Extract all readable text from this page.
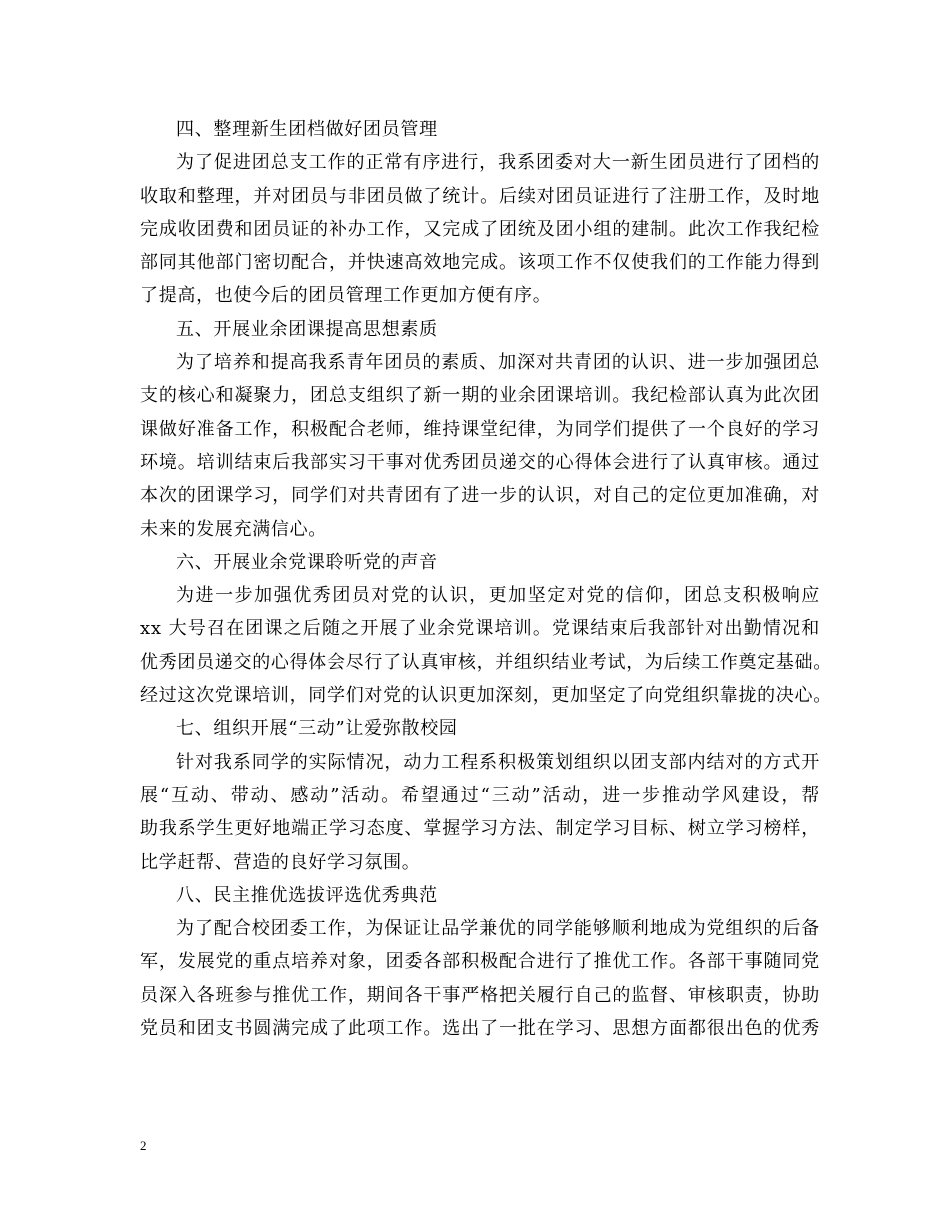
四、整理新生团档做好团员管理

为了促进团总支工作的正常有序进行，我系团委对大一新生团员进行了团档的
收取和整理，并对团员与非团员做了统计。后续对团员证进行了注册工作，及时地
完成收团费和团员证的补办工作，又完成了团统及团小组的建制。此次工作我纪检
部同其他部门密切配合，并快速高效地完成。该项工作不仅使我们的工作能力得到
了提高，也使今后的团员管理工作更加方便有序。

五、开展业余团课提高思想素质

为了培养和提高我系青年团员的素质、加深对共青团的认识、进一步加强团总
支的核心和凝聚力，团总支组织了新一期的业余团课培训。我纪检部认真为此次团
课做好准备工作，积极配合老师，维持课堂纪律，为同学们提供了一个良好的学习
环境。培训结束后我部实习干事对优秀团员递交的心得体会进行了认真审核。通过
本次的团课学习，同学们对共青团有了进一步的认识，对自己的定位更加准确，对
未来的发展充满信心。

六、开展业余党课聆听党的声音

为进一步加强优秀团员对党的认识，更加坚定对党的信仰，团总支积极响应
xx 大号召在团课之后随之开展了业余党课培训。党课结束后我部针对出勤情况和
优秀团员递交的心得体会尽行了认真审核，并组织结业考试，为后续工作奠定基础。
经过这次党课培训，同学们对党的认识更加深刻，更加坚定了向党组织靠拢的决心。

七、组织开展“三动”让爱弥散校园

针对我系同学的实际情况，动力工程系积极策划组织以团支部内结对的方式开
展“互动、带动、感动”活动。希望通过“三动”活动，进一步推动学风建设，帮
助我系学生更好地端正学习态度、掌握学习方法、制定学习目标、树立学习榜样，
比学赶帮、营造的良好学习氛围。

八、民主推优选拔评选优秀典范

为了配合校团委工作，为保证让品学兼优的同学能够顺利地成为党组织的后备
军，发展党的重点培养对象，团委各部积极配合进行了推优工作。各部干事随同党
员深入各班参与推优工作，期间各干事严格把关履行自己的监督、审核职责，协助
党员和团支书圆满完成了此项工作。选出了一批在学习、思想方面都很出色的优秀
2
